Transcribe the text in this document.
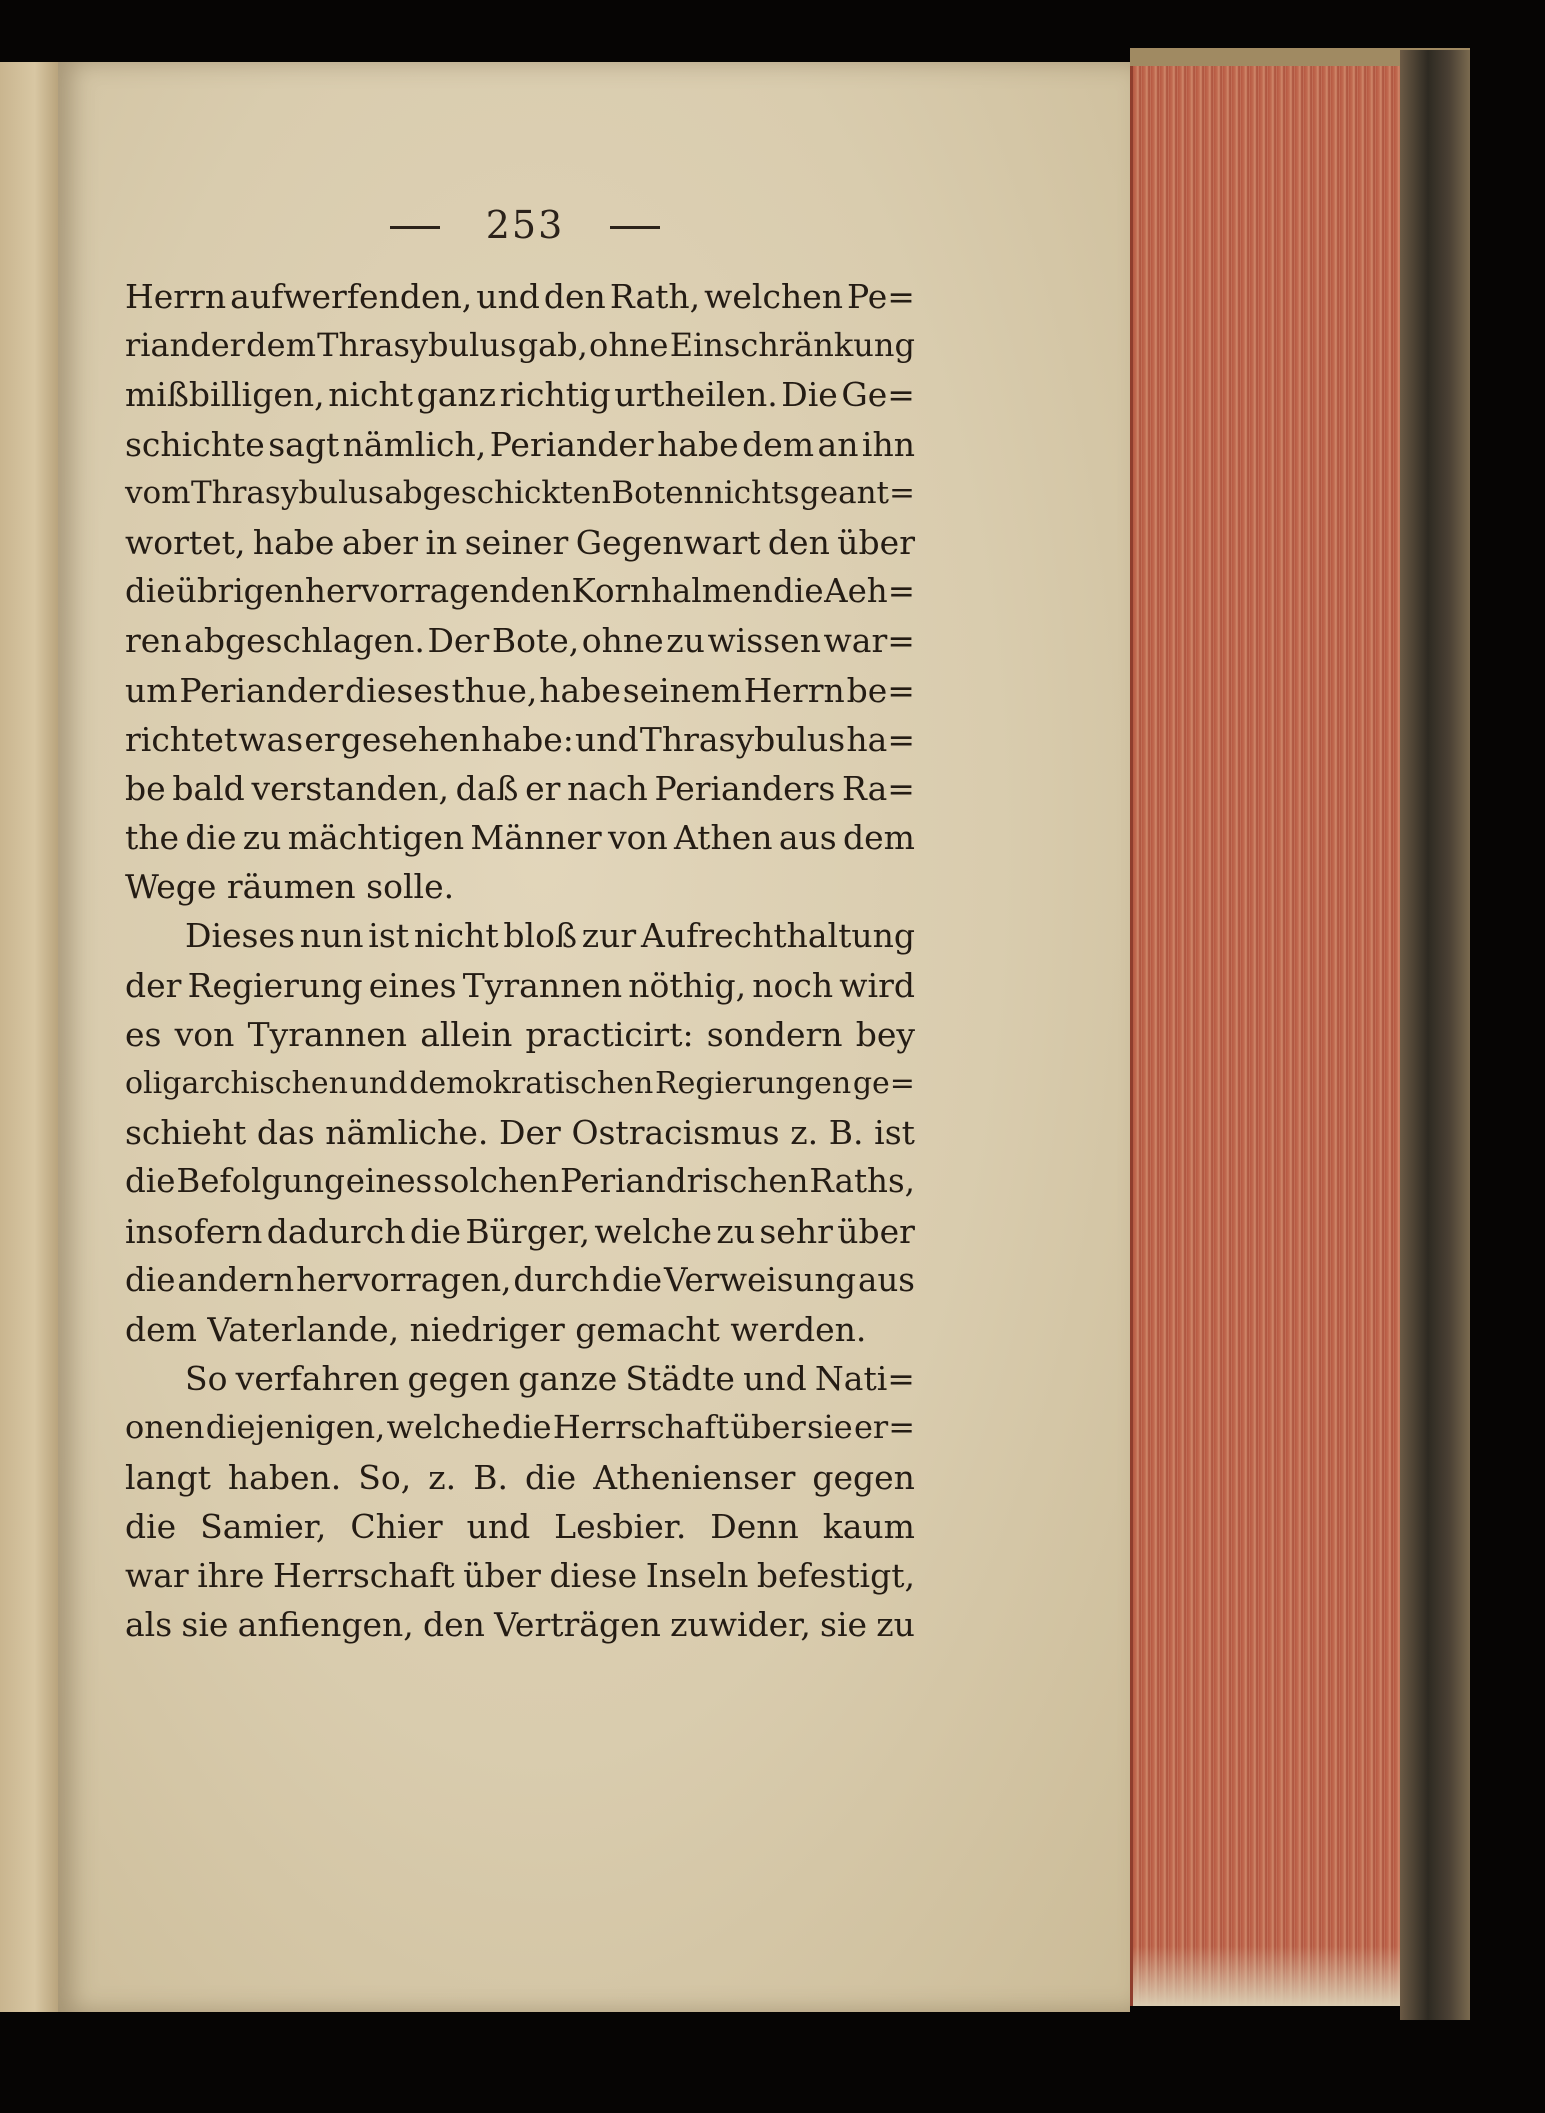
253
Herrn aufwerfenden, und den Rath, welchen Pe=
riander dem Thrasybulus gab, ohne Einschränkung
mißbilligen, nicht ganz richtig urtheilen. Die Ge=
schichte sagt nämlich, Periander habe dem an ihn
vom Thrasybulus abgeschickten Boten nichts geant=
wortet, habe aber in seiner Gegenwart den über
die übrigen hervorragenden Kornhalmen die Aeh=
ren abgeschlagen. Der Bote, ohne zu wissen war=
um Periander dieses thue, habe seinem Herrn be=
richtet was er gesehen habe: und Thrasybulus ha=
be bald verstanden, daß er nach Perianders Ra=
the die zu mächtigen Männer von Athen aus dem
Wege räumen solle.
Dieses nun ist nicht bloß zur Aufrechthaltung
der Regierung eines Tyrannen nöthig, noch wird
es von Tyrannen allein practicirt: sondern bey
oligarchischen und demokratischen Regierungen ge=
schieht das nämliche. Der Ostracismus z. B. ist
die Befolgung eines solchen Periandrischen Raths,
insofern dadurch die Bürger, welche zu sehr über
die andern hervorragen, durch die Verweisung aus
dem Vaterlande, niedriger gemacht werden.
So verfahren gegen ganze Städte und Nati=
onen diejenigen, welche die Herrschaft über sie er=
langt haben. So, z. B. die Athenienser gegen
die Samier, Chier und Lesbier. Denn kaum
war ihre Herrschaft über diese Inseln befestigt,
als sie anfiengen, den Verträgen zuwider, sie zu
